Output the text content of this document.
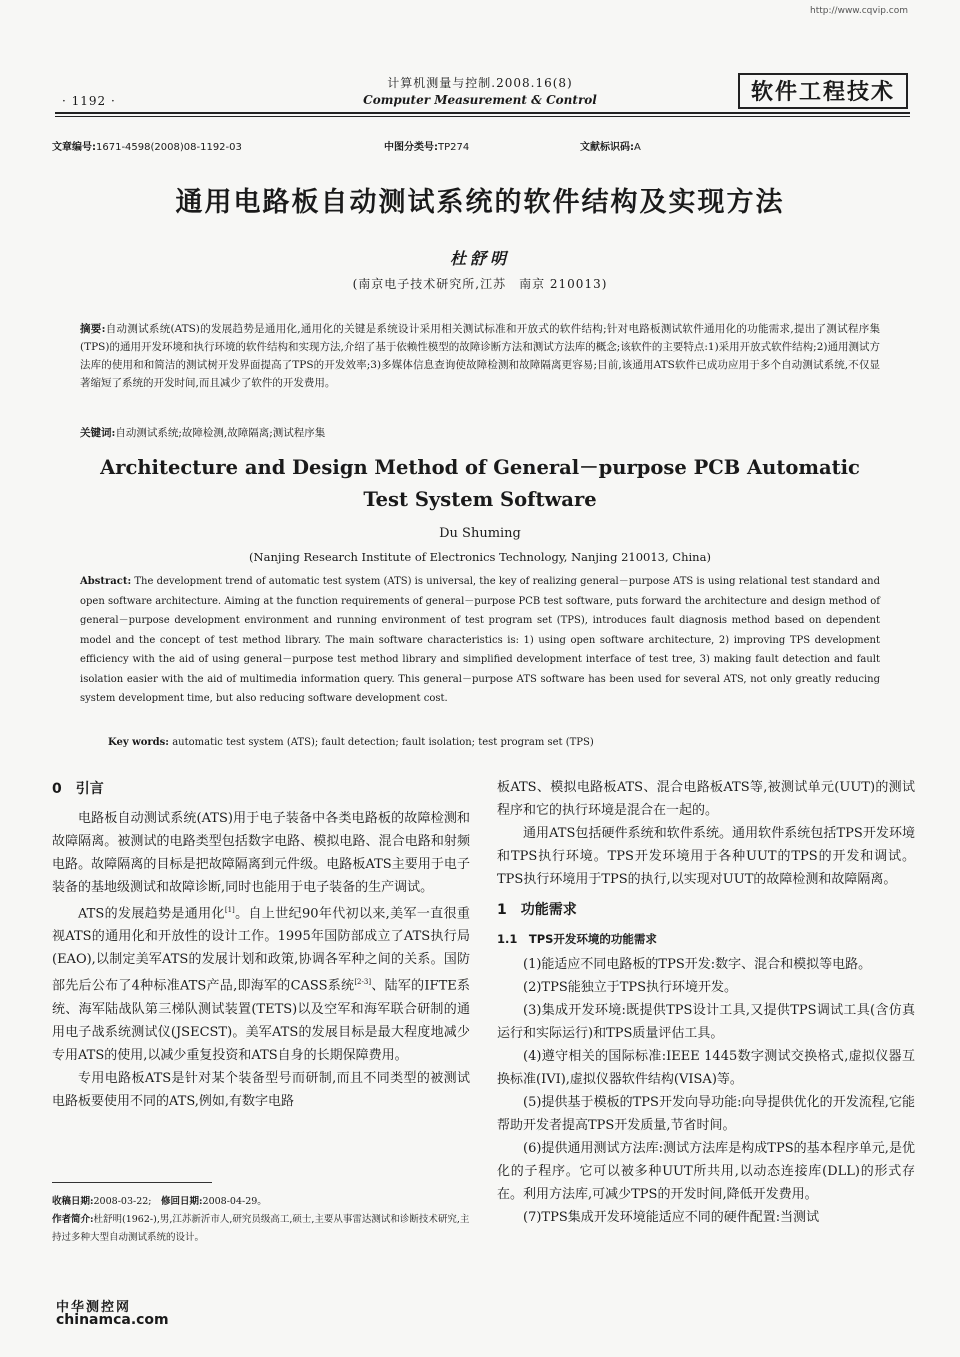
http://www.cqvip.com
· 1192 ·
计算机测量与控制.2008.16(8)
Computer Measurement & Control	软件工程技术
文章编号:1671-4598(2008)08-1192-03	中图分类号:TP274	文献标识码:A
通用电路板自动测试系统的软件结构及实现方法
杜舒明
(南京电子技术研究所,江苏　南京 210013)
摘要:自动测试系统(ATS)的发展趋势是通用化,通用化的关键是系统设计采用相关测试标准和开放式的软件结构;针对电路板测试软件通用化的功能需求,提出了测试程序集(TPS)的通用开发环境和执行环境的软件结构和实现方法,介绍了基于依赖性模型的故障诊断方法和测试方法库的概念;该软件的主要特点:1)采用开放式软件结构;2)通用测试方法库的使用和和简洁的测试树开发界面提高了TPS的开发效率;3)多媒体信息查询使故障检测和故障隔离更容易;目前,该通用ATS软件已成功应用于多个自动测试系统,不仅显著缩短了系统的开发时间,而且减少了软件的开发费用。
关键词:自动测试系统;故障检测,故障隔离;测试程序集
Architecture and Design Method of General－purpose PCB Automatic
Test System Software
Du Shuming
(Nanjing Research Institute of Electronics Technology, Nanjing 210013, China)
Abstract: The development trend of automatic test system (ATS) is universal, the key of realizing general－purpose ATS is using relational test standard and open software architecture. Aiming at the function requirements of general－purpose PCB test software, puts forward the architecture and design method of general－purpose development environment and running environment of test program set (TPS), introduces fault diagnosis method based on dependent model and the concept of test method library. The main software characteristics is: 1) using open software architecture, 2) improving TPS development efficiency with the aid of using general－purpose test method library and simplified development interface of test tree, 3) making fault detection and fault isolation easier with the aid of multimedia information query. This general－purpose ATS software has been used for several ATS, not only greatly reducing system development time, but also reducing software development cost.
Key words: automatic test system (ATS); fault detection; fault isolation; test program set (TPS)

0　引言

电路板自动测试系统(ATS)用于电子装备中各类电路板的故障检测和故障隔离。被测试的电路类型包括数字电路、模拟电路、混合电路和射频电路。故障隔离的目标是把故障隔离到元件级。电路板ATS主要用于电子装备的基地级测试和故障诊断,同时也能用于电子装备的生产调试。

ATS的发展趋势是通用化[1]。自上世纪90年代初以来,美军一直很重视ATS的通用化和开放性的设计工作。1995年国防部成立了ATS执行局(EAO),以制定美军ATS的发展计划和政策,协调各军种之间的关系。国防部先后公布了4种标准ATS产品,即海军的CASS系统[2-3]、陆军的IFTE系统、海军陆战队第三梯队测试装置(TETS)以及空军和海军联合研制的通用电子战系统测试仪(JSECST)。美军ATS的发展目标是最大程度地减少专用ATS的使用,以减少重复投资和ATS自身的长期保障费用。

专用电路板ATS是针对某个装备型号而研制,而且不同类型的被测试电路板要使用不同的ATS,例如,有数字电路

收稿日期:2008-03-22;　 修回日期:2008-04-29。
作者简介:杜舒明(1962-),男,江苏新沂市人,研究员级高工,硕士,主要从事雷达测试和诊断技术研究,主持过多种大型自动测试系统的设计。

板ATS、模拟电路板ATS、混合电路板ATS等,被测试单元(UUT)的测试程序和它的执行环境是混合在一起的。

通用ATS包括硬件系统和软件系统。通用软件系统包括TPS开发环境和TPS执行环境。TPS开发环境用于各种UUT的TPS的开发和调试。TPS执行环境用于TPS的执行,以实现对UUT的故障检测和故障隔离。

1　功能需求

1.1　TPS开发环境的功能需求

(1)能适应不同电路板的TPS开发:数字、混合和模拟等电路。

(2)TPS能独立于TPS执行环境开发。

(3)集成开发环境:既提供TPS设计工具,又提供TPS调试工具(含仿真运行和实际运行)和TPS质量评估工具。

(4)遵守相关的国际标准:IEEE 1445数字测试交换格式,虚拟仪器互换标准(IVI),虚拟仪器软件结构(VISA)等。

(5)提供基于模板的TPS开发向导功能:向导提供优化的开发流程,它能帮助开发者提高TPS开发质量,节省时间。

(6)提供通用测试方法库:测试方法库是构成TPS的基本程序单元,是优化的子程序。它可以被多种UUT所共用,以动态连接库(DLL)的形式存在。利用方法库,可减少TPS的开发时间,降低开发费用。

(7)TPS集成开发环境能适应不同的硬件配置:当测试

中华测控网
chinamca.com
